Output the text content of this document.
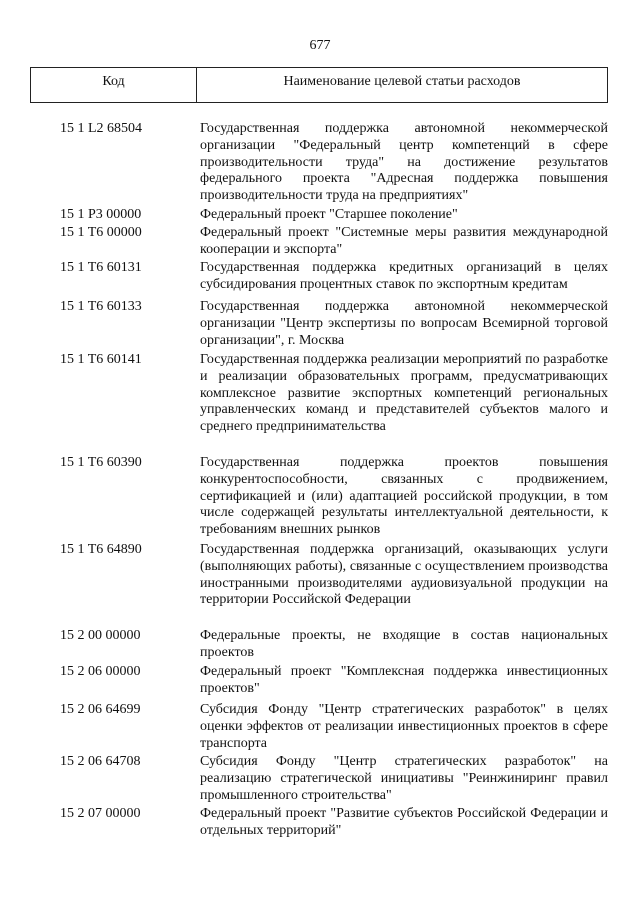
677
Код	Наименование целевой статьи расходов
15 1 L2 68504	Государственная поддержка автономной некоммерческой организации "Федеральный центр компетенций в сфере производительности труда" на достижение результатов федерального проекта "Адресная поддержка повышения производительности труда на предприятиях"
15 1 P3 00000	Федеральный проект "Старшее поколение"
15 1 T6 00000	Федеральный проект "Системные меры развития международной кооперации и экспорта"
15 1 T6 60131	Государственная поддержка кредитных организаций в целях субсидирования процентных ставок по экспортным кредитам
15 1 T6 60133	Государственная поддержка автономной некоммерческой организации "Центр экспертизы по вопросам Всемирной торговой организации", г. Москва
15 1 T6 60141	Государственная поддержка реализации мероприятий по разработке и реализации образовательных программ, предусматривающих комплексное развитие экспортных компетенций региональных управленческих команд и представителей субъектов малого и среднего предпринимательства
15 1 T6 60390	Государственная поддержка проектов повышения конкурентоспособности, связанных с продвижением, сертификацией и (или) адаптацией российской продукции, в том числе содержащей результаты интеллектуальной деятельности, к требованиям внешних рынков
15 1 T6 64890	Государственная поддержка организаций, оказывающих услуги (выполняющих работы), связанные с осуществлением производства иностранными производителями аудиовизуальной продукции на территории Российской Федерации
15 2 00 00000	Федеральные проекты, не входящие в состав национальных проектов
15 2 06 00000	Федеральный проект "Комплексная поддержка инвестиционных проектов"
15 2 06 64699	Субсидия Фонду "Центр стратегических разработок" в целях оценки эффектов от реализации инвестиционных проектов в сфере транспорта
15 2 06 64708	Субсидия Фонду "Центр стратегических разработок" на реализацию стратегической инициативы "Реинжиниринг правил промышленного строительства"
15 2 07 00000	Федеральный проект "Развитие субъектов Российской Федерации и отдельных территорий"
